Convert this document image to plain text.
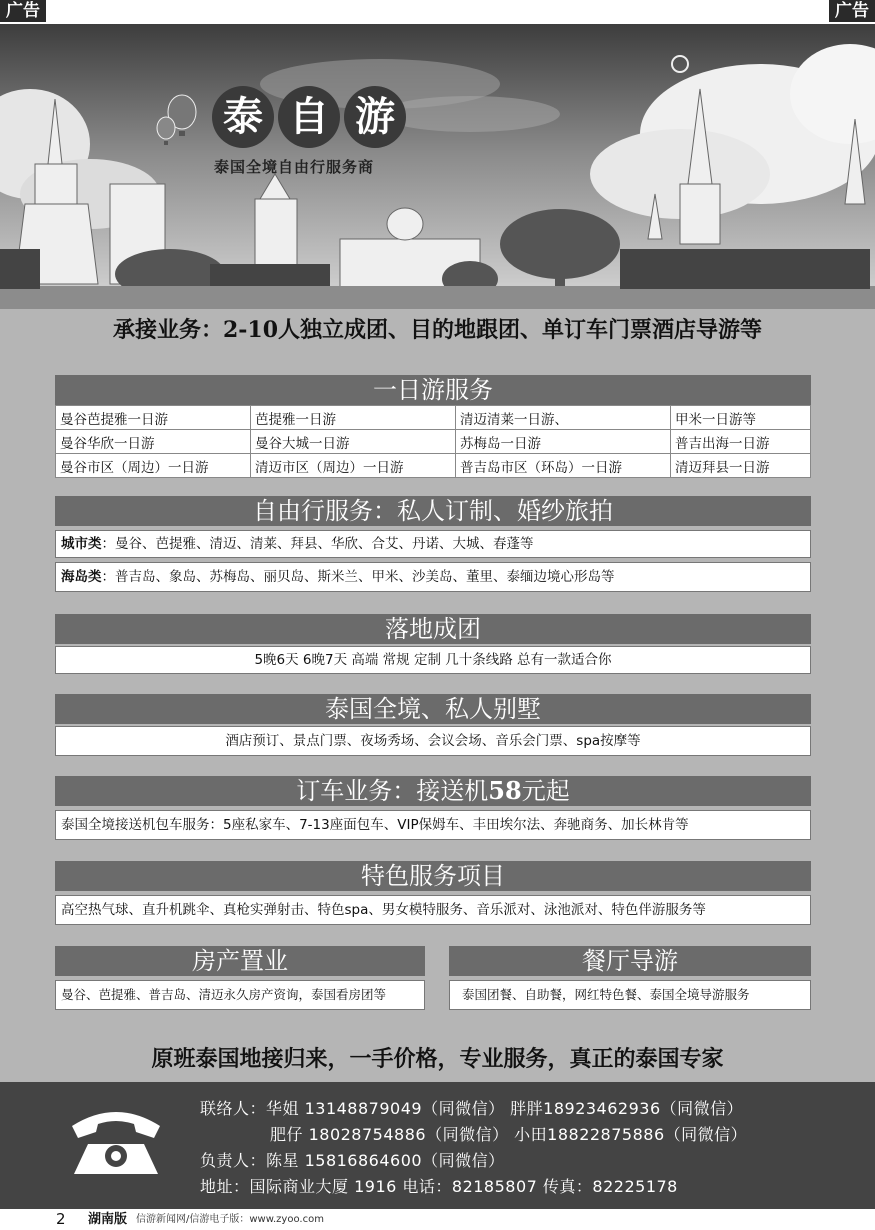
广告	广告
泰 自 游
泰国全境自由行服务商
承接业务：2-10人独立成团、目的地跟团、单订车门票酒店导游等
一日游服务
曼谷芭提雅一日游	芭提雅一日游	清迈清莱一日游、	甲米一日游等
曼谷华欣一日游	曼谷大城一日游	苏梅岛一日游	普吉出海一日游
曼谷市区（周边）一日游	清迈市区（周边）一日游	普吉岛市区（环岛）一日游	清迈拜县一日游
自由行服务：私人订制、婚纱旅拍
城市类：曼谷、芭提雅、清迈、清莱、拜县、华欣、合艾、丹诺、大城、春蓬等
海岛类：普吉岛、象岛、苏梅岛、丽贝岛、斯米兰、甲米、沙美岛、董里、泰缅边境心形岛等
落地成团
5晚6天 6晚7天 高端 常规 定制 几十条线路 总有一款适合你
泰国全境、私人别墅
酒店预订、景点门票、夜场秀场、会议会场、音乐会门票、spa按摩等
订车业务：接送机58元起
泰国全境接送机包车服务：5座私家车、7-13座面包车、VIP保姆车、丰田埃尔法、奔驰商务、加长林肯等
特色服务项目
高空热气球、直升机跳伞、真枪实弹射击、特色spa、男女模特服务、音乐派对、泳池派对、特色伴游服务等
房产置业
曼谷、芭提雅、普吉岛、清迈永久房产资询，泰国看房团等
餐厅导游
泰国团餐、自助餐，网红特色餐、泰国全境导游服务
原班泰国地接归来，一手价格，专业服务，真正的泰国专家
联络人：华姐 13148879049（同微信） 胖胖18923462936（同微信）
肥仔 18028754886（同微信） 小田18822875886（同微信）
负责人：陈星 15816864600（同微信）
地址：国际商业大厦 1916 电话：82185807 传真：82225178
2 湖南版 信游新闻网/信游电子版：www.zyoo.com
